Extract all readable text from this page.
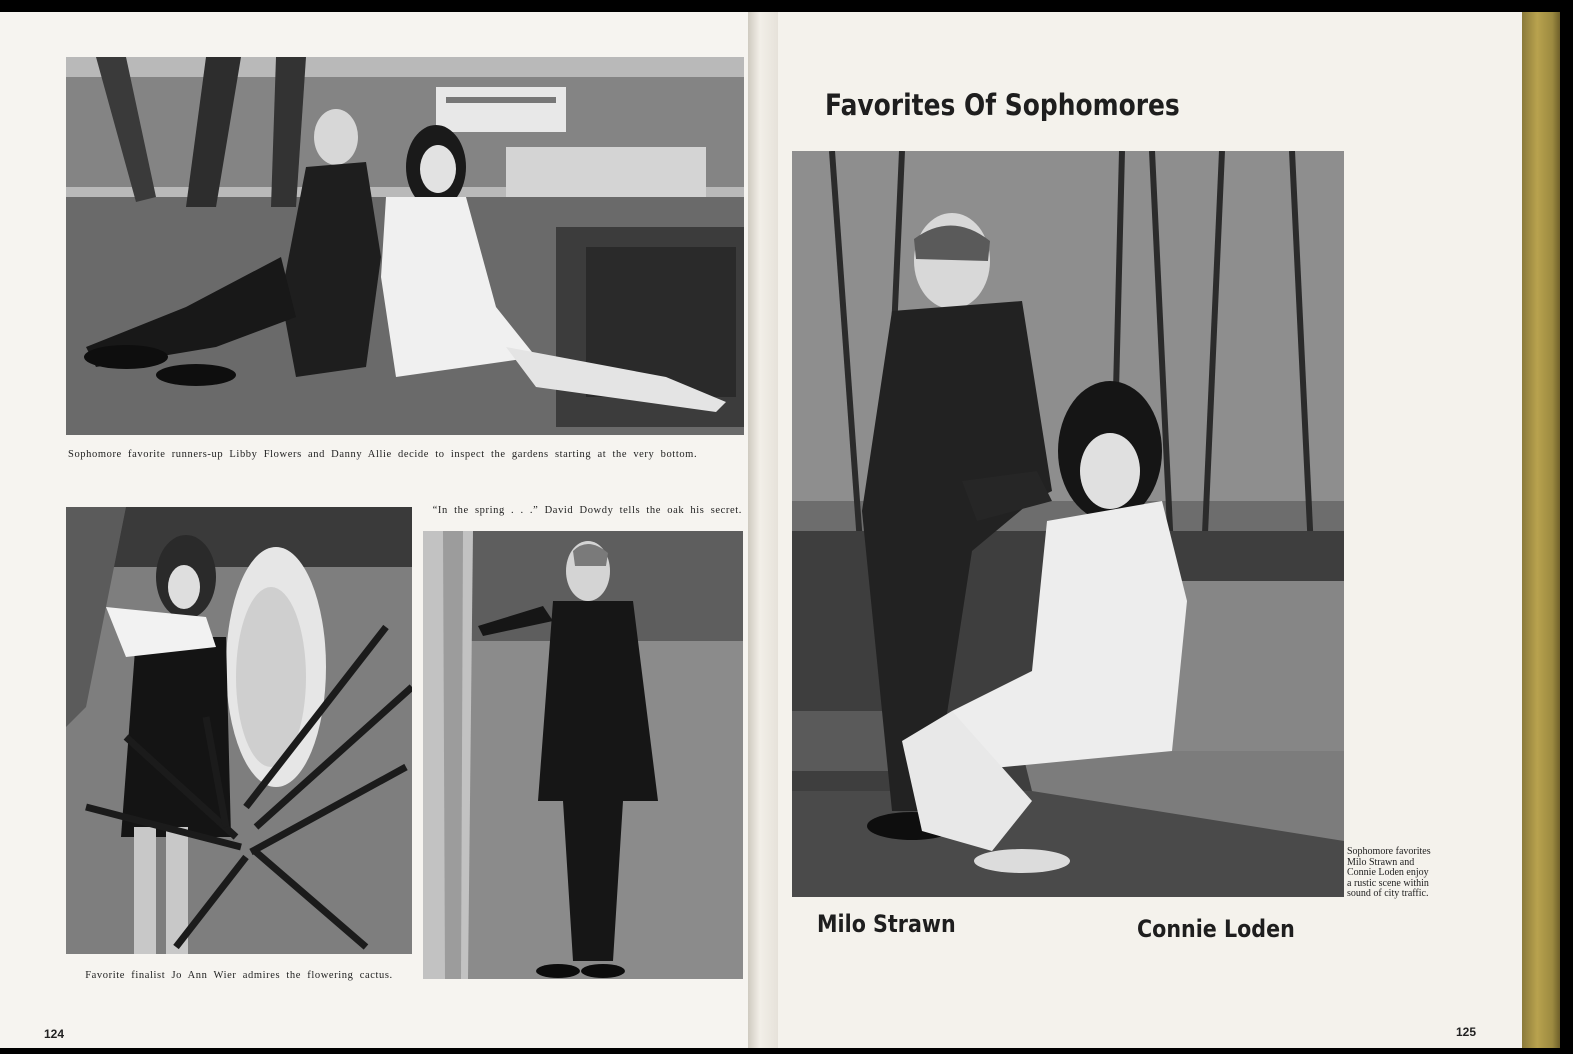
Sophomore favorite runners-up Libby Flowers and Danny Allie decide to inspect the gardens starting at the very bottom.
Favorite finalist Jo Ann Wier admires the flowering cactus.
“In the spring . . .” David Dowdy tells the oak his secret.
124
Favorites Of Sophomores
Sophomore favorites
Milo Strawn and
Connie Loden enjoy
a rustic scene within
sound of city traffic.
Milo Strawn	Connie Loden
125
